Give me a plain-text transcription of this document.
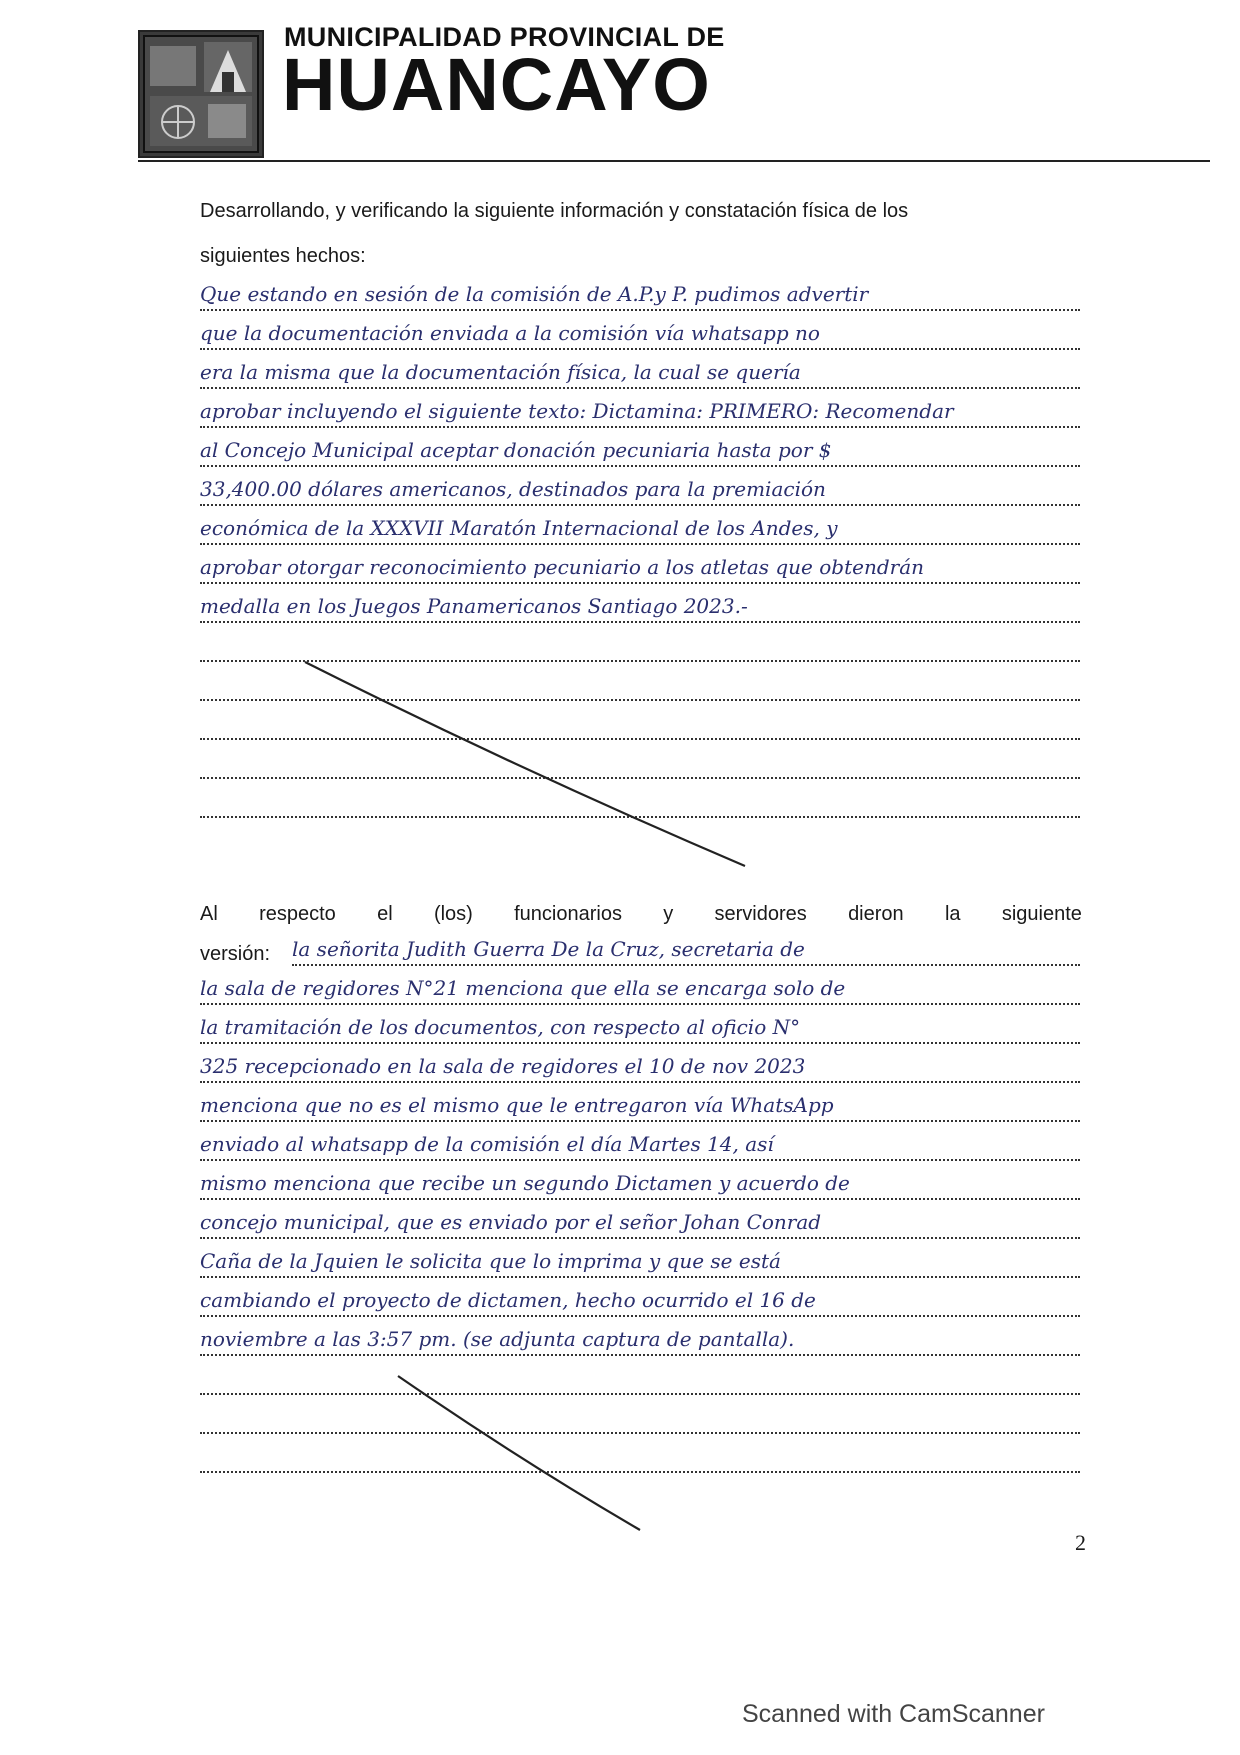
MUNICIPALIDAD PROVINCIAL DE
HUANCAYO
Desarrollando, y verificando la siguiente información y constatación física de los
siguientes hechos:
Que estando en sesión de la comisión de A.P.y P. pudimos advertir
que la documentación enviada a la comisión vía whatsapp no
era la misma que la documentación física, la cual se quería
aprobar incluyendo el siguiente texto: Dictamina: PRIMERO: Recomendar
al Concejo Municipal aceptar donación pecuniaria hasta por $
33,400.00 dólares americanos, destinados para la premiación
económica de la XXXVII Maratón Internacional de los Andes, y
aprobar otorgar reconocimiento pecuniario a los atletas que obtendrán
medalla en los Juegos Panamericanos Santiago 2023.-
Al respecto el (los) funcionarios y servidores dieron la siguiente
versión: la señorita Judith Guerra De la Cruz, secretaria de
la sala de regidores N°21 menciona que ella se encarga solo de
la tramitación de los documentos, con respecto al oficio N°
325 recepcionado en la sala de regidores el 10 de nov 2023
menciona que no es el mismo que le entregaron vía WhatsApp
enviado al whatsapp de la comisión el día Martes 14, así
mismo menciona que recibe un segundo Dictamen y acuerdo de
concejo municipal, que es enviado por el señor Johan Conrad
Caña de la Jquien le solicita que lo imprima y que se está
cambiando el proyecto de dictamen, hecho ocurrido el 16 de
noviembre a las 3:57 pm. (se adjunta captura de pantalla).
2
Scanned with CamScanner
